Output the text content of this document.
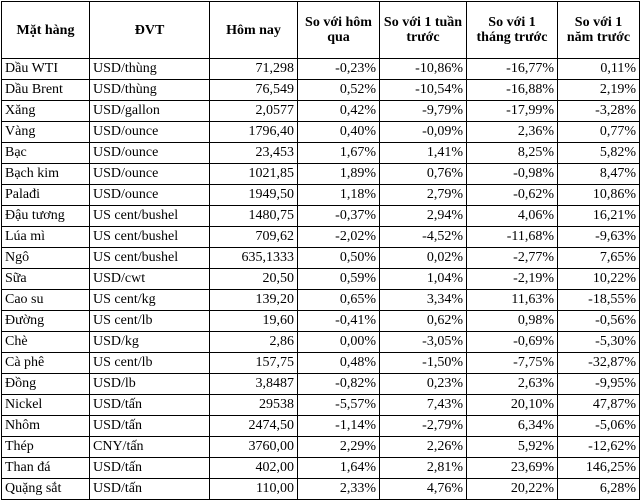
Mặt hàng	ĐVT	Hôm nay	So với hôm qua	So với 1 tuần trước	So với 1 tháng trước	So với 1 năm trước
Dầu WTI	USD/thùng	71,298	-0,23%	-10,86%	-16,77%	0,11%
Dầu Brent	USD/thùng	76,549	0,52%	-10,54%	-16,88%	2,19%
Xăng	USD/gallon	2,0577	0,42%	-9,79%	-17,99%	-3,28%
Vàng	USD/ounce	1796,40	0,40%	-0,09%	2,36%	0,77%
Bạc	USD/ounce	23,453	1,67%	1,41%	8,25%	5,82%
Bạch kim	USD/ounce	1021,85	1,89%	0,76%	-0,98%	8,47%
Palađi	USD/ounce	1949,50	1,18%	2,79%	-0,62%	10,86%
Đậu tương	US cent/bushel	1480,75	-0,37%	2,94%	4,06%	16,21%
Lúa mì	US cent/bushel	709,62	-2,02%	-4,52%	-11,68%	-9,63%
Ngô	US cent/bushel	635,1333	0,50%	0,02%	-2,77%	7,65%
Sữa	USD/cwt	20,50	0,59%	1,04%	-2,19%	10,22%
Cao su	US cent/kg	139,20	0,65%	3,34%	11,63%	-18,55%
Đường	US cent/lb	19,60	-0,41%	0,62%	0,98%	-0,56%
Chè	USD/kg	2,86	0,00%	-3,05%	-0,69%	-5,30%
Cà phê	US cent/lb	157,75	0,48%	-1,50%	-7,75%	-32,87%
Đồng	USD/lb	3,8487	-0,82%	0,23%	2,63%	-9,95%
Nickel	USD/tấn	29538	-5,57%	7,43%	20,10%	47,87%
Nhôm	USD/tấn	2474,50	-1,14%	-2,79%	6,34%	-5,06%
Thép	CNY/tấn	3760,00	2,29%	2,26%	5,92%	-12,62%
Than đá	USD/tấn	402,00	1,64%	2,81%	23,69%	146,25%
Quặng sắt	USD/tấn	110,00	2,33%	4,76%	20,22%	6,28%
